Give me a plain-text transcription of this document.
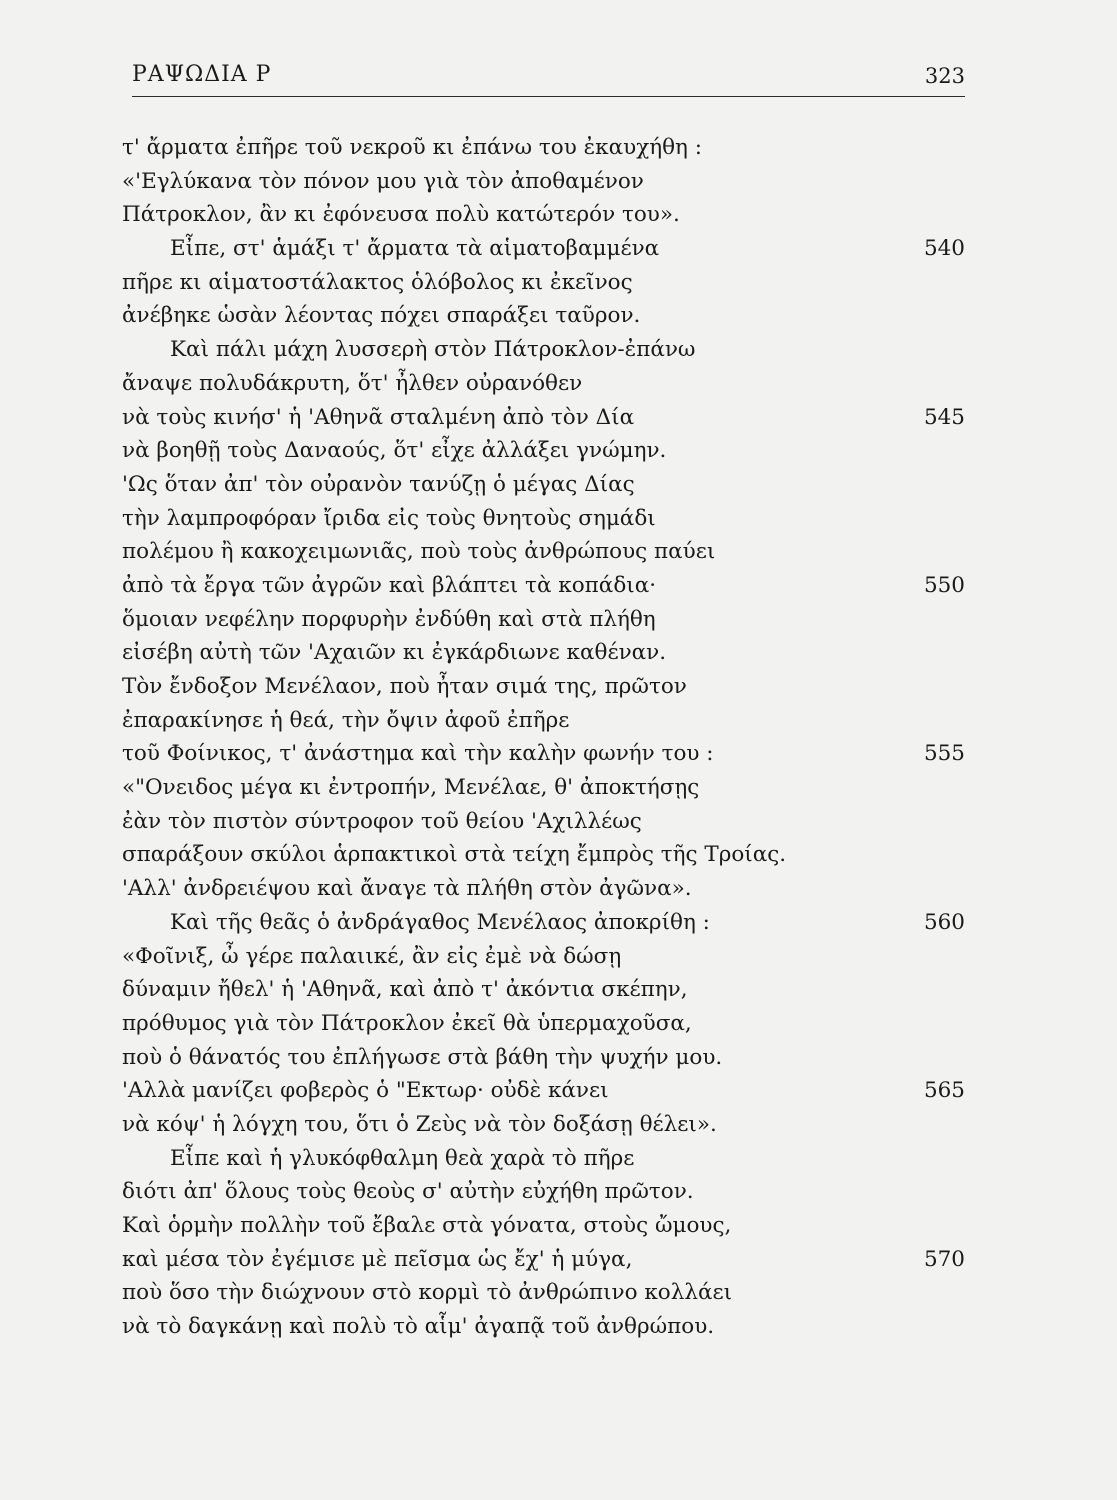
ΡΑΨΩΔΙΑ Ρ	323
τ' ἄρματα ἐπῆρε τοῦ νεκροῦ κι ἐπάνω του ἐκαυχήθη :
«'Εγλύκανα τὸν πόνον μου γιὰ τὸν ἀποθαμένον
Πάτροκλον, ἂν κι ἐφόνευσα πολὺ κατώτερόν του».
Εἶπε, στ' ἁμάξι τ' ἄρματα τὰ αἱματοβαμμένα	540
πῆρε κι αἱματοστάλακτος ὁλόβολος κι ἐκεῖνος
ἀνέβηκε ὡσὰν λέοντας πόχει σπαράξει ταῦρον.
Καὶ πάλι μάχη λυσσερὴ στὸν Πάτροκλον-ἐπάνω
ἄναψε πολυδάκρυτη, ὅτ' ἦλθεν οὐρανόθεν
νὰ τοὺς κινήσ' ἡ 'Αθηνᾶ σταλμένη ἀπὸ τὸν Δία	545
νὰ βοηθῇ τοὺς Δαναούς, ὅτ' εἶχε ἀλλάξει γνώμην.
'Ως ὅταν ἀπ' τὸν οὐρανὸν τανύζῃ ὁ μέγας Δίας
τὴν λαμπροφόραν ἴριδα εἰς τοὺς θνητοὺς σημάδι
πολέμου ἢ κακοχειμωνιᾶς, ποὺ τοὺς ἀνθρώπους παύει
ἀπὸ τὰ ἔργα τῶν ἀγρῶν καὶ βλάπτει τὰ κοπάδια·	550
ὅμοιαν νεφέλην πορφυρὴν ἐνδύθη καὶ στὰ πλήθη
εἰσέβη αὐτὴ τῶν 'Αχαιῶν κι ἐγκάρδιωνε καθέναν.
Τὸν ἔνδοξον Μενέλαον, ποὺ ἦταν σιμά της, πρῶτον
ἐπαρακίνησε ἡ θεά, τὴν ὄψιν ἀφοῦ ἐπῆρε
τοῦ Φοίνικος, τ' ἀνάστημα καὶ τὴν καλὴν φωνήν του :	555
«"Ονειδος μέγα κι ἐντροπήν, Μενέλαε, θ' ἀποκτήσῃς
ἐὰν τὸν πιστὸν σύντροφον τοῦ θείου 'Αχιλλέως
σπαράξουν σκύλοι ἁρπακτικοὶ στὰ τείχη ἔμπρὸς τῆς Τροίας.
'Αλλ' ἀνδρειέψου καὶ ἄναγε τὰ πλήθη στὸν ἀγῶνα».
Καὶ τῆς θεᾶς ὁ ἀνδράγαθος Μενέλαος ἀποκρίθη :	560
«Φοῖνιξ, ὦ γέρε παλαιικέ, ἂν εἰς ἐμὲ νὰ δώσῃ
δύναμιν ἤθελ' ἡ 'Αθηνᾶ, καὶ ἀπὸ τ' ἀκόντια σκέπην,
πρόθυμος γιὰ τὸν Πάτροκλον ἐκεῖ θὰ ὑπερμαχοῦσα,
ποὺ ὁ θάνατός του ἐπλήγωσε στὰ βάθη τὴν ψυχήν μου.
'Αλλὰ μανίζει φοβερὸς ὁ "Εκτωρ· οὐδὲ κάνει	565
νὰ κόψ' ἡ λόγχη του, ὅτι ὁ Ζεὺς νὰ τὸν δοξάσῃ θέλει».
Εἶπε καὶ ἡ γλυκόφθαλμη θεὰ χαρὰ τὸ πῆρε
διότι ἀπ' ὅλους τοὺς θεοὺς σ' αὐτὴν εὐχήθη πρῶτον.
Καὶ ὁρμὴν πολλὴν τοῦ ἔβαλε στὰ γόνατα, στοὺς ὤμους,
καὶ μέσα τὸν ἐγέμισε μὲ πεῖσμα ὡς ἔχ' ἡ μύγα,	570
ποὺ ὅσο τὴν διώχνουν στὸ κορμὶ τὸ ἀνθρώπινο κολλάει
νὰ τὸ δαγκάνῃ καὶ πολὺ τὸ αἷμ' ἀγαπᾷ τοῦ ἀνθρώπου.
